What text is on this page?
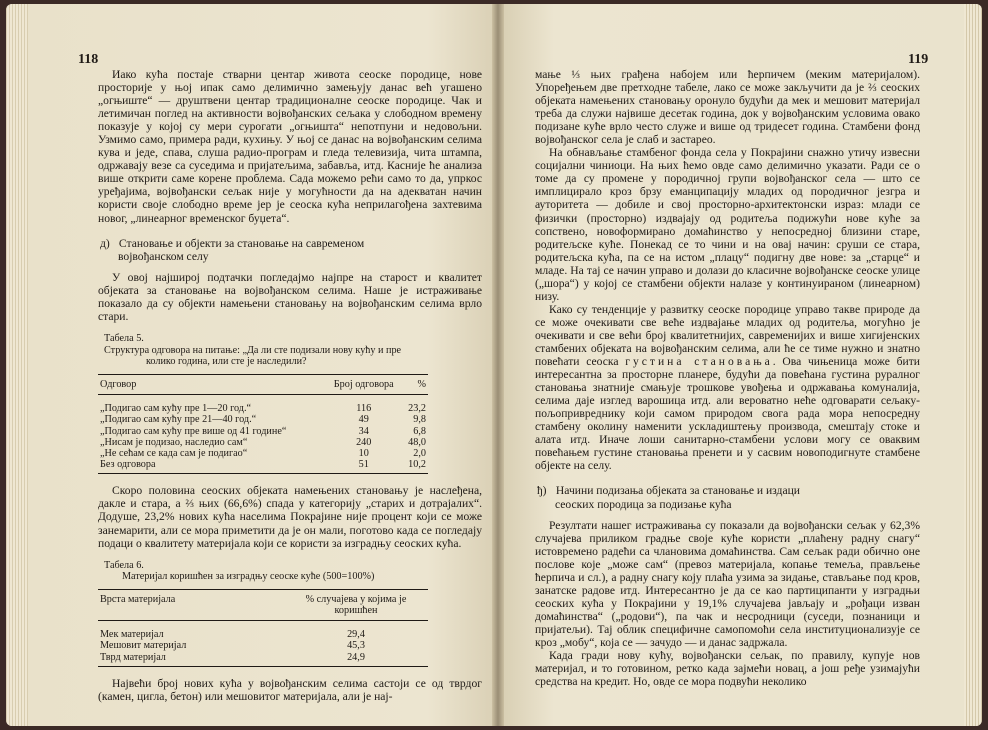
118	119

Иако кућа постаје стварни центар живота сеоске породице, нове просторије у њој ипак само делимично замењују данас већ угашено „огњиште“ — друштвени центар традиционалне сеоске породице. Чак и летимичан поглед на активности војвођанских сељака у слободном времену показује у којој су мери сурогати „огњишта“ непотпуни и недовољни. Узмимо само, примера ради, кухињу. У њој се данас на војвођанским селима кува и једе, спава, слуша радио-програм и гледа телевизија, чита штампа, одржавају везе са суседима и пријатељима, забавља, итд. Касније ће анализа више открити саме корене проблема. Сада можемо рећи само то да, упркос уређајима, војвођански сељак није у могућности да на адекватан начин користи своје слободно време јер је сеоска кућа неприлагођена захтевима новог, „линеарног временског буџета“.

д) Становање и објекти за становање на савременом
војвођанском селу

У овој најширој подтачки погледајмо најпре на старост и квалитет објеката за становање на војвођанском селима. Наше је истраживање показало да су објекти намењени становању на војвођанским селима врло стари.

Табела 5.
Структура одговора на питање: „Да ли сте подизали нову кућу и пре
колико година, или сте је наследили?
Одговор	Број одговора	%
„Подигао сам кућу пре 1—20 год.“	116	23,2
„Подигао сам кућу пре 21—40 год.“	49	9,8
„Подигао сам кућу пре више од 41 године“	34	6,8
„Нисам је подизао, наследио сам“	240	48,0
„Не сећам се када сам је подигао“	10	2,0
Без одговора	51	10,2

Скоро половина сеоских објеката намењених становању је наслеђена, дакле и стара, а ⅔ њих (66,6%) спада у категорију „старих и дотрајалих“. Додуше, 23,2% нових кућа населима Покрајине није процент који се може занемарити, али се мора приметити да је он мали, поготово када се погледају подаци о квалитету материјала који се користи за изградњу сеоских кућа.

Табела 6.
Материјал коришћен за изградњу сеоске куће (500=100%)
Врста материјала	% случајева у којима је коришћен
Мек материјал	29,4
Мешовит материјал	45,3
Тврд материјал	24,9

Највећи број нових кућа у војвођанским селима састоји се од тврдог (камен, цигла, бетон) или мешовитог материјала, али је нај-

мање ⅓ њих грађена набојем или ћерпичем (меким материјалом). Упоређењем две претходне табеле, лако се може закључити да је ⅔ сеоских објеката намењених становању оронуло будући да мек и мешовит материјал треба да служи највише десетак година, док у војвођанским условима овако подизане куће врло често служе и више од тридесет година. Стамбени фонд војвођанског села је слаб и застарео.

На обнављање стамбеног фонда села у Покрајини снажно утичу извесни социјални чиниоци. На њих ћемо овде само делимично указати. Ради се о томе да су промене у породичној групи војвођанског села — што се имплицирало кроз брзу еманципацију младих од породичног језгра и ауторитета — добиле и свој просторно-архитектонски израз: млади се физички (просторно) издвајају од родитеља подижући нове куће за сопствено, новоформирано домаћинство у непосредној близини старе, родитељске куће. Понекад се то чини и на овај начин: сруши се стара, родитељска кућа, па се на истом „плацу“ подигну две нове: за „старце“ и младе. На тај се начин управо и долази до класичне војвођанске сеоске улице („шора“) у којој се стамбени објекти налазе у континуираном (линеарном) низу.

Како су тенденције у развитку сеоске породице управо такве природе да се може очекивати све веће издвајање младих од родитеља, могућно је очекивати и све већи број квалитетнијих, савременијих и више хигијенских стамбених објеката на војвођанским селима, али ће се тиме нужно и знатно повећати сеоска густина становања. Ова чињеница може бити интересантна за просторне планере, будући да повећана густина руралног становања знатније смањује трошкове увођења и одржавања комуналија, селима даје изглед варошица итд. али вероватно неће одговарати сељаку-пољопривреднику који самом природом свога рада мора непосредну стамбену околину наменити ускладиштењу производа, смештају стоке и алата итд. Иначе лоши санитарно-стамбени услови могу се оваквим повећањем густине становања пренети и у сасвим новоподигнуте стамбене објекте на селу.

ђ) Начини подизања објеката за становање и издаци
сеоских породица за подизање кућа

Резултати нашег истраживања су показали да војвођански сељак у 62,3% случајева приликом градње своје куће користи „плаћену радну снагу“ истовремено радећи са члановима домаћинства. Сам сељак ради обично оне послове које „може сам“ (превоз материјала, копање темеља, прављење ћерпича и сл.), а радну снагу коју плаћа узима за зидање, стављање под кров, занатске радове итд. Интересантно је да се као партиципанти у изградњи сеоских кућа у Покрајини у 19,1% случајева јављају и „рођаци изван домаћинства“ („родови“), па чак и несродници (суседи, познаници и пријатељи). Тај облик специфичне самопомоћи села институционализује се кроз „мобу“, која се — зачудо — и данас задржала.

Када гради нову кућу, војвођански сељак, по правилу, купује нов материјал, и то готовином, ретко када зајмећи новац, а још ређе узимајући средства на кредит. Но, овде се мора подвући неколико
